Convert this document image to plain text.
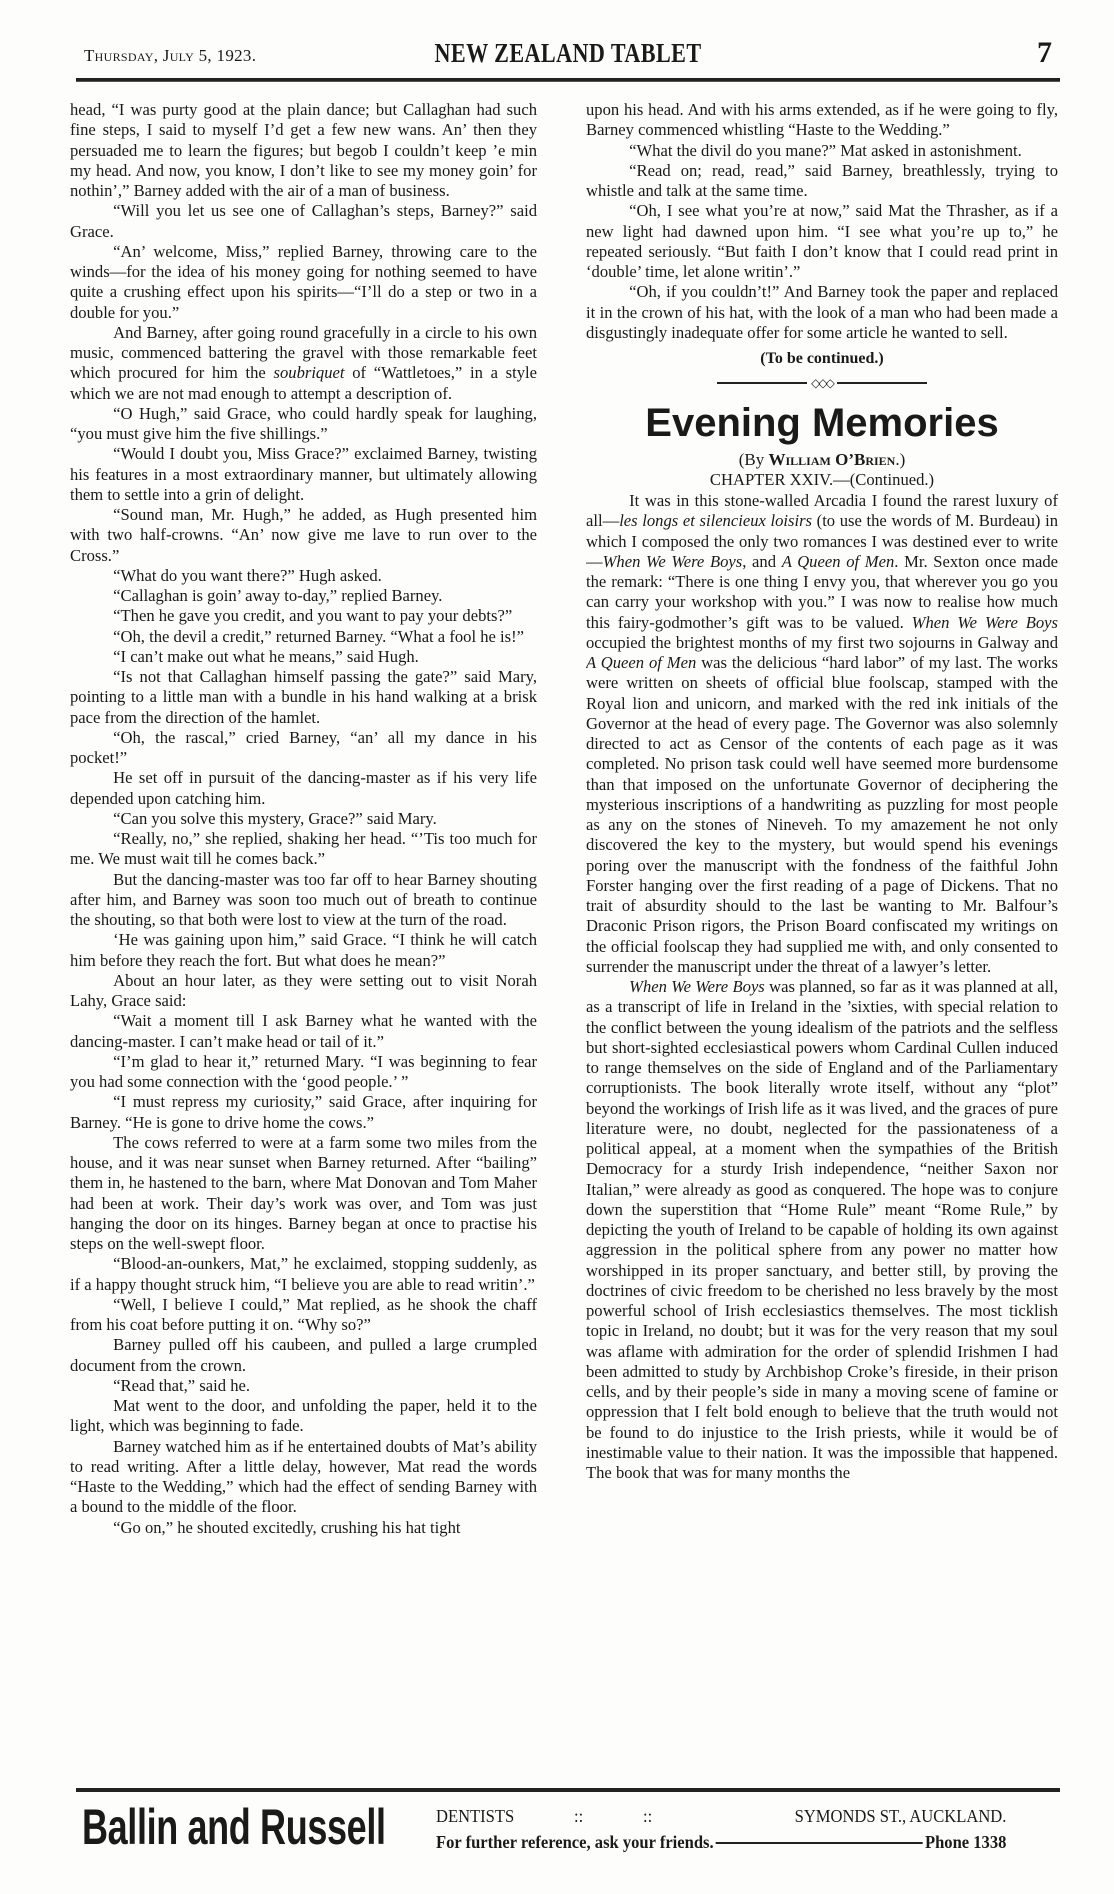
Thursday, July 5, 1923.	NEW ZEALAND TABLET	7

head, “I was purty good at the plain dance; but Callaghan had such fine steps, I said to myself I’d get a few new wans. An’ then they persuaded me to learn the figures; but begob I couldn’t keep ’e min my head. And now, you know, I don’t like to see my money goin’ for nothin’,” Barney added with the air of a man of business.

“Will you let us see one of Callaghan’s steps, Barney?” said Grace.

“An’ welcome, Miss,” replied Barney, throwing care to the winds—for the idea of his money going for nothing seemed to have quite a crushing effect upon his spirits—“I’ll do a step or two in a double for you.”

And Barney, after going round gracefully in a circle to his own music, commenced battering the gravel with those remarkable feet which procured for him the soubriquet of “Wattletoes,” in a style which we are not mad enough to attempt a description of.

“O Hugh,” said Grace, who could hardly speak for laughing, “you must give him the five shillings.”

“Would I doubt you, Miss Grace?” exclaimed Barney, twisting his features in a most extraordinary manner, but ultimately allowing them to settle into a grin of delight.

“Sound man, Mr. Hugh,” he added, as Hugh presented him with two half-crowns. “An’ now give me lave to run over to the Cross.”

“What do you want there?” Hugh asked.

“Callaghan is goin’ away to-day,” replied Barney.

“Then he gave you credit, and you want to pay your debts?”

“Oh, the devil a credit,” returned Barney. “What a fool he is!”

“I can’t make out what he means,” said Hugh.

“Is not that Callaghan himself passing the gate?” said Mary, pointing to a little man with a bundle in his hand walking at a brisk pace from the direction of the hamlet.

“Oh, the rascal,” cried Barney, “an’ all my dance in his pocket!”

He set off in pursuit of the dancing-master as if his very life depended upon catching him.

“Can you solve this mystery, Grace?” said Mary.

“Really, no,” she replied, shaking her head. “’Tis too much for me. We must wait till he comes back.”

But the dancing-master was too far off to hear Barney shouting after him, and Barney was soon too much out of breath to continue the shouting, so that both were lost to view at the turn of the road.

‘He was gaining upon him,” said Grace. “I think he will catch him before they reach the fort. But what does he mean?”

About an hour later, as they were setting out to visit Norah Lahy, Grace said:

“Wait a moment till I ask Barney what he wanted with the dancing-master. I can’t make head or tail of it.”

“I’m glad to hear it,” returned Mary. “I was beginning to fear you had some connection with the ‘good people.’ ”

“I must repress my curiosity,” said Grace, after inquiring for Barney. “He is gone to drive home the cows.”

The cows referred to were at a farm some two miles from the house, and it was near sunset when Barney returned. After “bailing” them in, he hastened to the barn, where Mat Donovan and Tom Maher had been at work. Their day’s work was over, and Tom was just hanging the door on its hinges. Barney began at once to practise his steps on the well-swept floor.

“Blood-an-ounkers, Mat,” he exclaimed, stopping suddenly, as if a happy thought struck him, “I believe you are able to read writin’.”

“Well, I believe I could,” Mat replied, as he shook the chaff from his coat before putting it on. “Why so?”

Barney pulled off his caubeen, and pulled a large crumpled document from the crown.

“Read that,” said he.

Mat went to the door, and unfolding the paper, held it to the light, which was beginning to fade.

Barney watched him as if he entertained doubts of Mat’s ability to read writing. After a little delay, however, Mat read the words “Haste to the Wedding,” which had the effect of sending Barney with a bound to the middle of the floor.

“Go on,” he shouted excitedly, crushing his hat tight

upon his head. And with his arms extended, as if he were going to fly, Barney commenced whistling “Haste to the Wedding.”

“What the divil do you mane?” Mat asked in astonishment.

“Read on; read, read,” said Barney, breathlessly, trying to whistle and talk at the same time.

“Oh, I see what you’re at now,” said Mat the Thrasher, as if a new light had dawned upon him. “I see what you’re up to,” he repeated seriously. “But faith I don’t know that I could read print in ‘double’ time, let alone writin’.”

“Oh, if you couldn’t!” And Barney took the paper and replaced it in the crown of his hat, with the look of a man who had been made a disgustingly inadequate offer for some article he wanted to sell.

(To be continued.)
◇◇◇
Evening Memories
(By William O’Brien.)
CHAPTER XXIV.—(Continued.)

It was in this stone-walled Arcadia I found the rarest luxury of all—les longs et silencieux loisirs (to use the words of M. Burdeau) in which I composed the only two romances I was destined ever to write—When We Were Boys, and A Queen of Men. Mr. Sexton once made the remark: “There is one thing I envy you, that wherever you go you can carry your workshop with you.” I was now to realise how much this fairy-godmother’s gift was to be valued. When We Were Boys occupied the brightest months of my first two sojourns in Galway and A Queen of Men was the delicious “hard labor” of my last. The works were written on sheets of official blue foolscap, stamped with the Royal lion and unicorn, and marked with the red ink initials of the Governor at the head of every page. The Governor was also solemnly directed to act as Censor of the contents of each page as it was completed. No prison task could well have seemed more burdensome than that imposed on the unfortunate Governor of deciphering the mysterious inscriptions of a handwriting as puzzling for most people as any on the stones of Nineveh. To my amazement he not only discovered the key to the mystery, but would spend his evenings poring over the manuscript with the fondness of the faithful John Forster hanging over the first reading of a page of Dickens. That no trait of absurdity should to the last be wanting to Mr. Balfour’s Draconic Prison rigors, the Prison Board confiscated my writings on the official foolscap they had supplied me with, and only consented to surrender the manuscript under the threat of a lawyer’s letter.

When We Were Boys was planned, so far as it was planned at all, as a transcript of life in Ireland in the ’sixties, with special relation to the conflict between the young idealism of the patriots and the selfless but short-sighted ecclesiastical powers whom Cardinal Cullen induced to range themselves on the side of England and of the Parliamentary corruptionists. The book literally wrote itself, without any “plot” beyond the workings of Irish life as it was lived, and the graces of pure literature were, no doubt, neglected for the passionateness of a political appeal, at a moment when the sympathies of the British Democracy for a sturdy Irish independence, “neither Saxon nor Italian,” were already as good as conquered. The hope was to conjure down the superstition that “Home Rule” meant “Rome Rule,” by depicting the youth of Ireland to be capable of holding its own against aggression in the political sphere from any power no matter how worshipped in its proper sanctuary, and better still, by proving the doctrines of civic freedom to be cherished no less bravely by the most powerful school of Irish ecclesiastics themselves. The most ticklish topic in Ireland, no doubt; but it was for the very reason that my soul was aflame with admiration for the order of splendid Irishmen I had been admitted to study by Archbishop Croke’s fireside, in their prison cells, and by their people’s side in many a moving scene of famine or oppression that I felt bold enough to believe that the truth would not be found to do injustice to the Irish priests, while it would be of inestimable value to their nation. It was the impossible that happened. The book that was for many months the

Ballin and Russell	DENTISTS	::	::	SYMONDS ST., AUCKLAND.
For further reference, ask your friends.	Phone 1338
